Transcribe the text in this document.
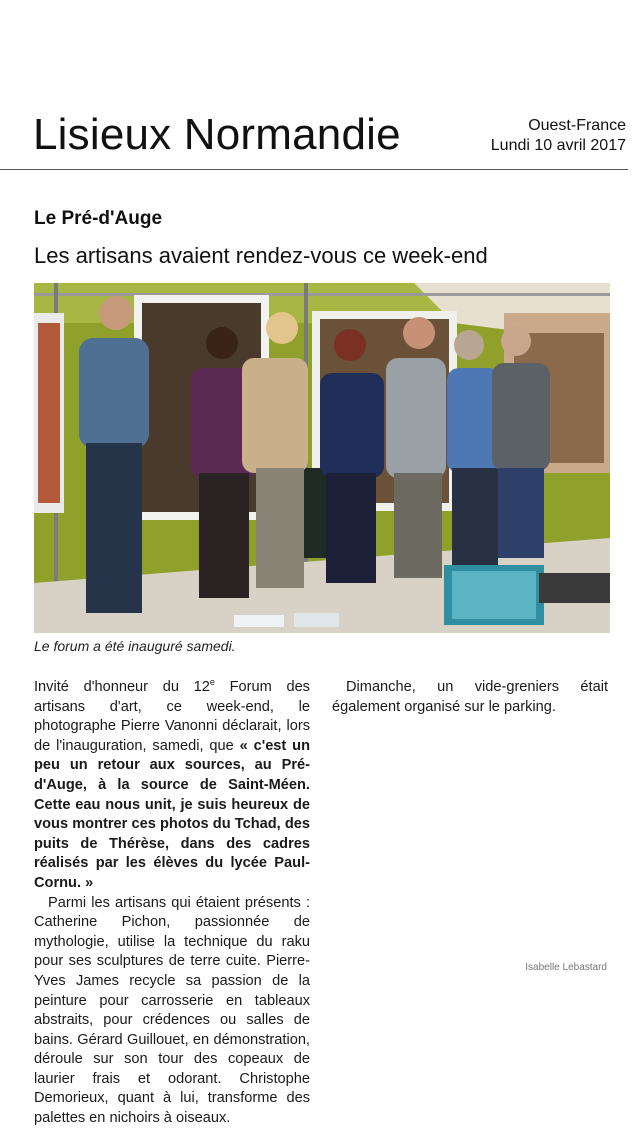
Lisieux Normandie	Ouest-France
Lundi 10 avril 2017
Le Pré-d'Auge
Les artisans avaient rendez-vous ce week-end
Le forum a été inauguré samedi.

Invité d'honneur du 12e Forum des artisans d'art, ce week-end, le photographe Pierre Vanonni déclarait, lors de l'inauguration, samedi, que « c'est un peu un retour aux sources, au Pré-d'Auge, à la source de Saint-Méen. Cette eau nous unit, je suis heureux de vous montrer ces photos du Tchad, des puits de Thérèse, dans des cadres réalisés par les élèves du lycée Paul-Cornu. »

Parmi les artisans qui étaient présents : Catherine Pichon, passionnée de mythologie, utilise la technique du raku pour ses sculptures de terre cuite. Pierre-Yves James recycle sa passion de la peinture pour carrosserie en tableaux abstraits, pour crédences ou salles de bains. Gérard Guillouet, en démonstration, déroule sur son tour des copeaux de laurier frais et odorant. Christophe Demorieux, quant à lui, transforme des palettes en nichoirs à oiseaux.

Dimanche, un vide-greniers était également organisé sur le parking.

Isabelle Lebastard
